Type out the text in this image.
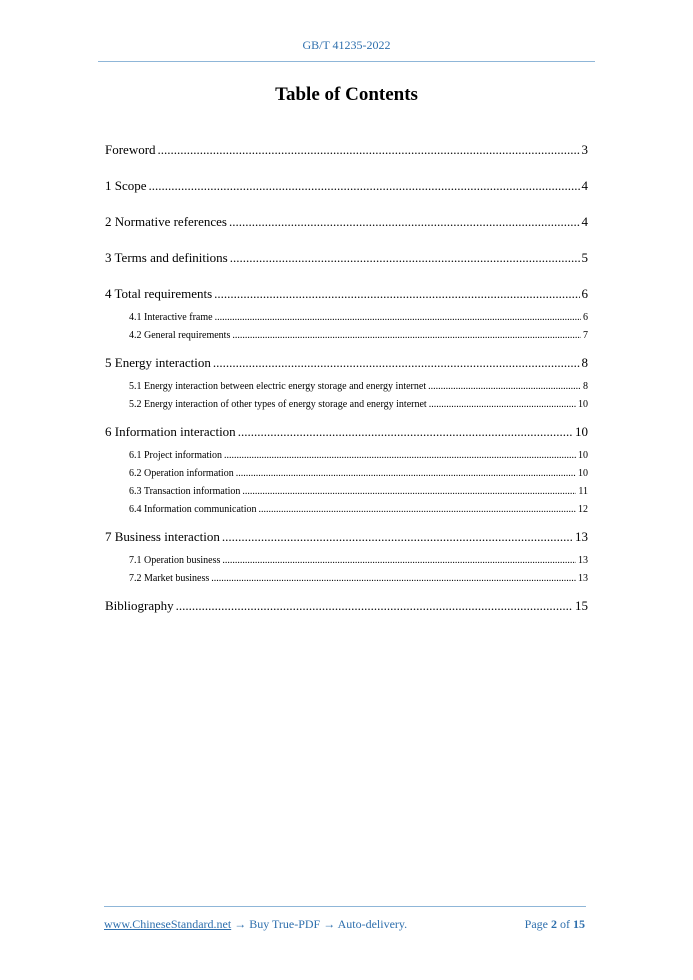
GB/T 41235-2022
Table of Contents
Foreword .....	3
1 Scope .....	4
2 Normative references .....	4
3 Terms and definitions .....	5
4 Total requirements .....	6
4.1 Interactive frame .....	6
4.2 General requirements .....	7
5 Energy interaction .....	8
5.1 Energy interaction between electric energy storage and energy internet .....	8
5.2 Energy interaction of other types of energy storage and energy internet .....	10
6 Information interaction .....	10
6.1 Project information .....	10
6.2 Operation information .....	10
6.3 Transaction information .....	11
6.4 Information communication .....	12
7 Business interaction .....	13
7.1 Operation business .....	13
7.2 Market business .....	13
Bibliography .....	15
www.ChineseStandard.net → Buy True-PDF → Auto-delivery.	Page 2 of 15
